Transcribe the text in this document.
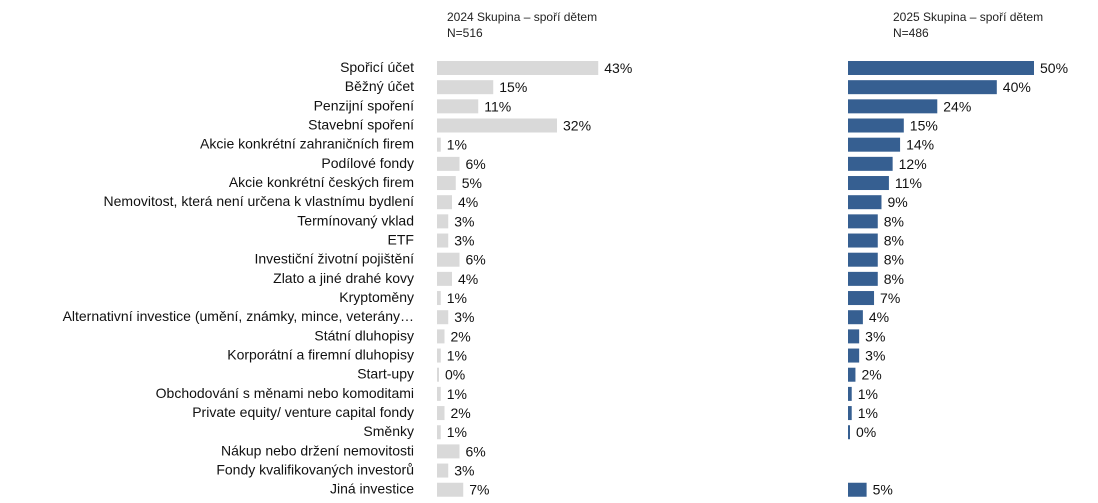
2024 Skupina – spoří dětem
N=516
2025 Skupina – spoří dětem
N=486
Spořicí účet
Běžný účet
Penzijní spoření
Stavební spoření
Akcie konkrétní zahraničních firem
Podílové fondy
Akcie konkrétní českých firem
Nemovitost, která není určena k vlastnímu bydlení
Termínovaný vklad
ETF
Investiční životní pojištění
Zlato a jiné drahé kovy
Kryptoměny
Alternativní investice (umění, známky, mince, veterány…
Státní dluhopisy
Korporátní a firemní dluhopisy
Start-upy
Obchodování s měnami nebo komoditami
Private equity/ venture capital fondy
Směnky
Nákup nebo držení nemovitosti
Fondy kvalifikovaných investorů
Jiná investice
43%
15%
11%
32%
1%
6%
5%
4%
3%
3%
6%
4%
1%
3%
2%
1%
0%
1%
2%
1%
6%
3%
7%
50%
40%
24%
15%
14%
12%
11%
9%
8%
8%
8%
8%
7%
4%
3%
3%
2%
1%
1%
0%
5%
